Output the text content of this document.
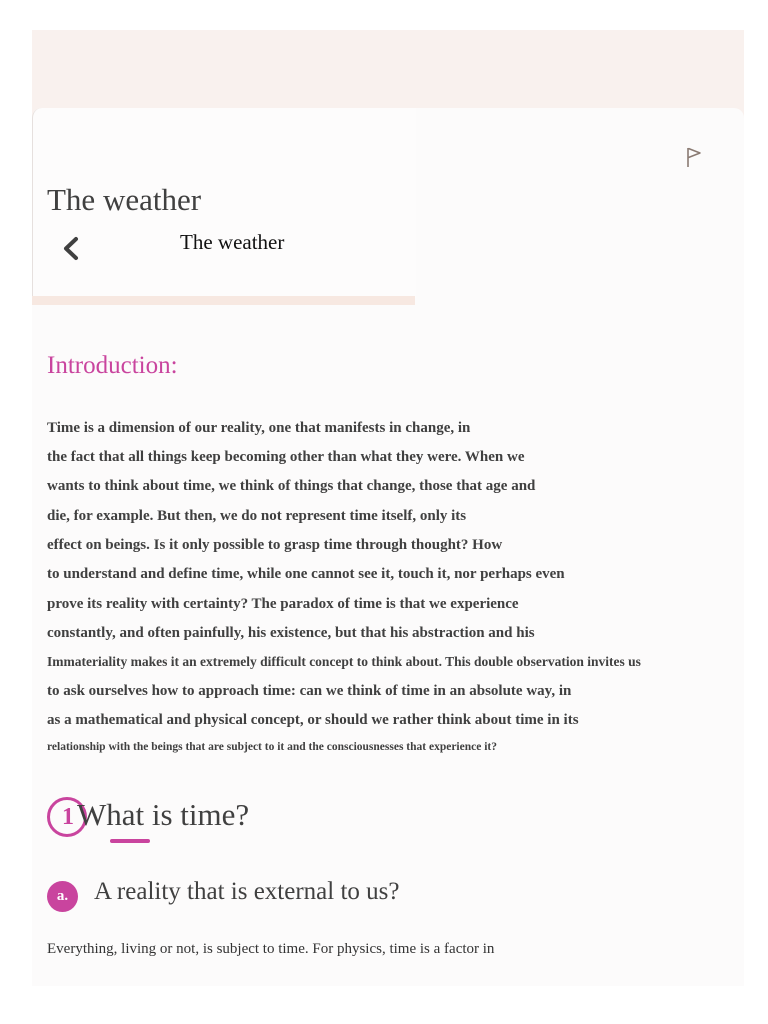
The weather
The weather
Introduction:
Time is a dimension of our reality, one that manifests in change, in
the fact that all things keep becoming other than what they were. When we
wants to think about time, we think of things that change, those that age and
die, for example. But then, we do not represent time itself, only its
effect on beings. Is it only possible to grasp time through thought? How
to understand and define time, while one cannot see it, touch it, nor perhaps even
prove its reality with certainty? The paradox of time is that we experience
constantly, and often painfully, his existence, but that his abstraction and his
Immateriality makes it an extremely difficult concept to think about. This double observation invites us
to ask ourselves how to approach time: can we think of time in an absolute way, in
as a mathematical and physical concept, or should we rather think about time in its
relationship with the beings that are subject to it and the consciousnesses that experience it?
1 What is time?
a.	A reality that is external to us?
Everything, living or not, is subject to time. For physics, time is a factor in
